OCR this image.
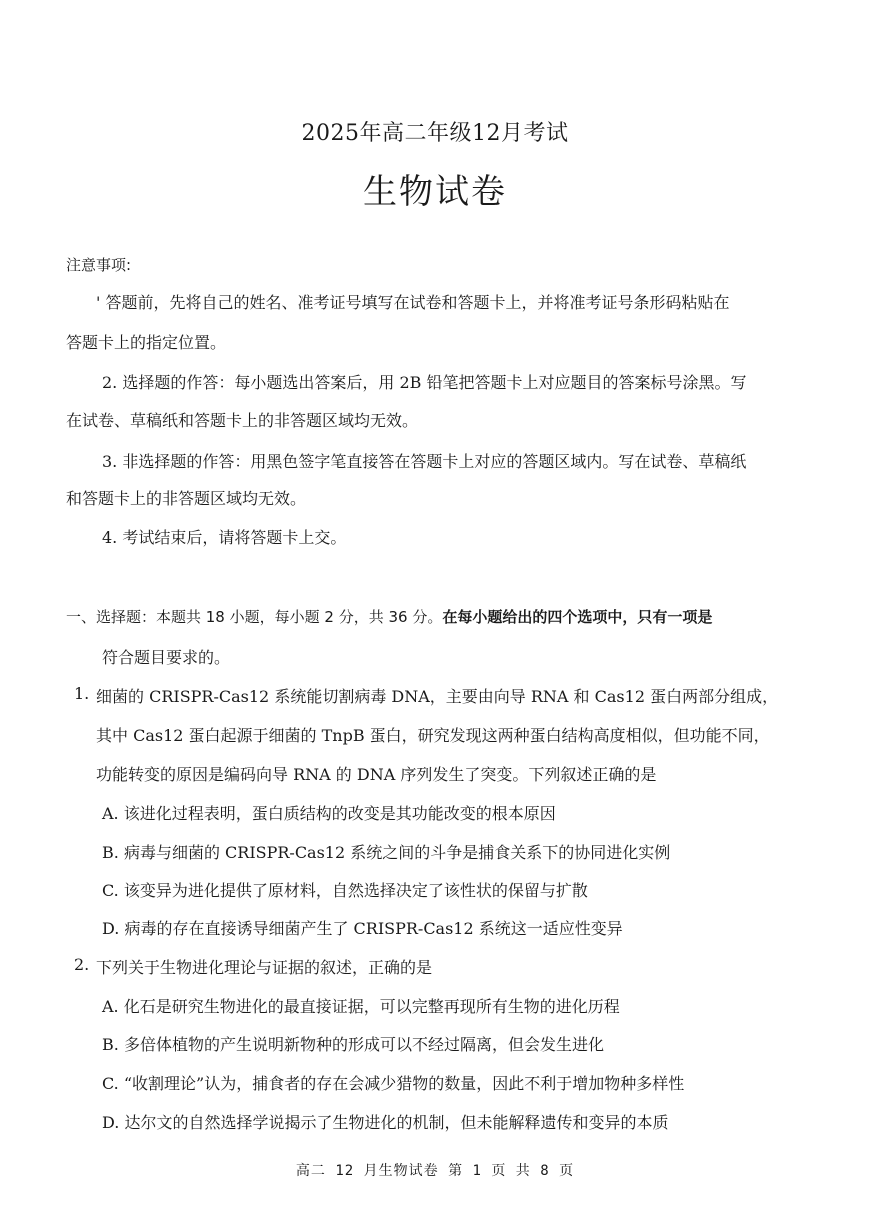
2025年高二年级12月考试
生物试卷
注意事项:
' 答题前，先将自己的姓名、准考证号填写在试卷和答题卡上，并将准考证号条形码粘贴在
答题卡上的指定位置。
2. 选择题的作答：每小题选出答案后，用 2B 铅笔把答题卡上对应题目的答案标号涂黑。写
在试卷、草稿纸和答题卡上的非答题区域均无效。
3. 非选择题的作答：用黑色签字笔直接答在答题卡上对应的答题区域内。写在试卷、草稿纸
和答题卡上的非答题区域均无效。
4. 考试结束后，请将答题卡上交。
一、选择题：本题共 18 小题，每小题 2 分，共 36 分。在每小题给出的四个选项中，只有一项是
符合题目要求的。
1. 细菌的 CRISPR-Cas12 系统能切割病毒 DNA，主要由向导 RNA 和 Cas12 蛋白两部分组成，
其中 Cas12 蛋白起源于细菌的 TnpB 蛋白，研究发现这两种蛋白结构高度相似，但功能不同，
功能转变的原因是编码向导 RNA 的 DNA 序列发生了突变。下列叙述正确的是
A. 该进化过程表明，蛋白质结构的改变是其功能改变的根本原因
B. 病毒与细菌的 CRISPR-Cas12 系统之间的斗争是捕食关系下的协同进化实例
C. 该变异为进化提供了原材料，自然选择决定了该性状的保留与扩散
D. 病毒的存在直接诱导细菌产生了 CRISPR-Cas12 系统这一适应性变异
2. 下列关于生物进化理论与证据的叙述，正确的是
A. 化石是研究生物进化的最直接证据，可以完整再现所有生物的进化历程
B. 多倍体植物的产生说明新物种的形成可以不经过隔离，但会发生进化
C. “收割理论”认为，捕食者的存在会减少猎物的数量，因此不利于增加物种多样性
D. 达尔文的自然选择学说揭示了生物进化的机制，但未能解释遗传和变异的本质
高二 12 月生物试卷 第 1 页 共 8 页
